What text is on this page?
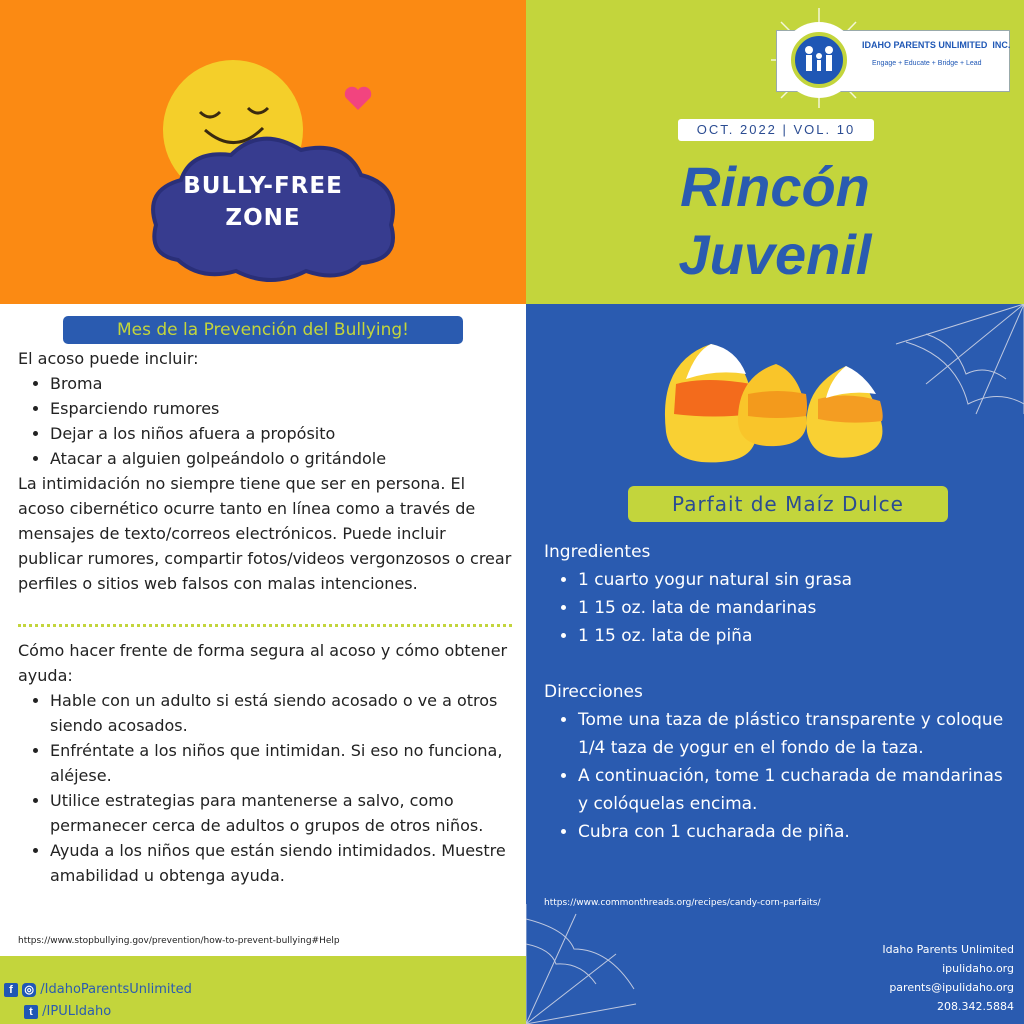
BULLY-FREE
ZONE
IDAHO PARENTS UNLIMITED  INC.
Engage + Educate + Bridge + Lead
OCT. 2022 | VOL. 10
Rincón
Juvenil
Mes de la Prevención del Bullying!

El acoso puede incluir:

• Broma
• Esparciendo rumores
• Dejar a los niños afuera a propósito
• Atacar a alguien golpeándolo o gritándole

La intimidación no siempre tiene que ser en persona. El acoso cibernético ocurre tanto en línea como a través de mensajes de texto/correos electrónicos. Puede incluir publicar rumores, compartir fotos/videos vergonzosos o crear perfiles o sitios web falsos con malas intenciones.

Cómo hacer frente de forma segura al acoso y cómo obtener ayuda:

• Hable con un adulto si está siendo acosado o ve a otros siendo acosados.
• Enfréntate a los niños que intimidan. Si eso no funciona, aléjese.
• Utilice estrategias para mantenerse a salvo, como permanecer cerca de adultos o grupos de otros niños.
• Ayuda a los niños que están siendo intimidados. Muestre amabilidad u obtenga ayuda.
https://www.stopbullying.gov/prevention/how-to-prevent-bullying#Help
f ◎ /IdahoParentsUnlimited
t /IPULIdaho
Parfait de Maíz Dulce

Ingredientes

• 1 cuarto yogur natural sin grasa
• 1 15 oz. lata de mandarinas
• 1 15 oz. lata de piña

Direcciones

• Tome una taza de plástico transparente y coloque 1/4 taza de yogur en el fondo de la taza.
• A continuación, tome 1 cucharada de mandarinas y colóquelas encima.
• Cubra con 1 cucharada de piña.
https://www.commonthreads.org/recipes/candy-corn-parfaits/
Idaho Parents Unlimited
ipulidaho.org
parents@ipulidaho.org
208.342.5884
